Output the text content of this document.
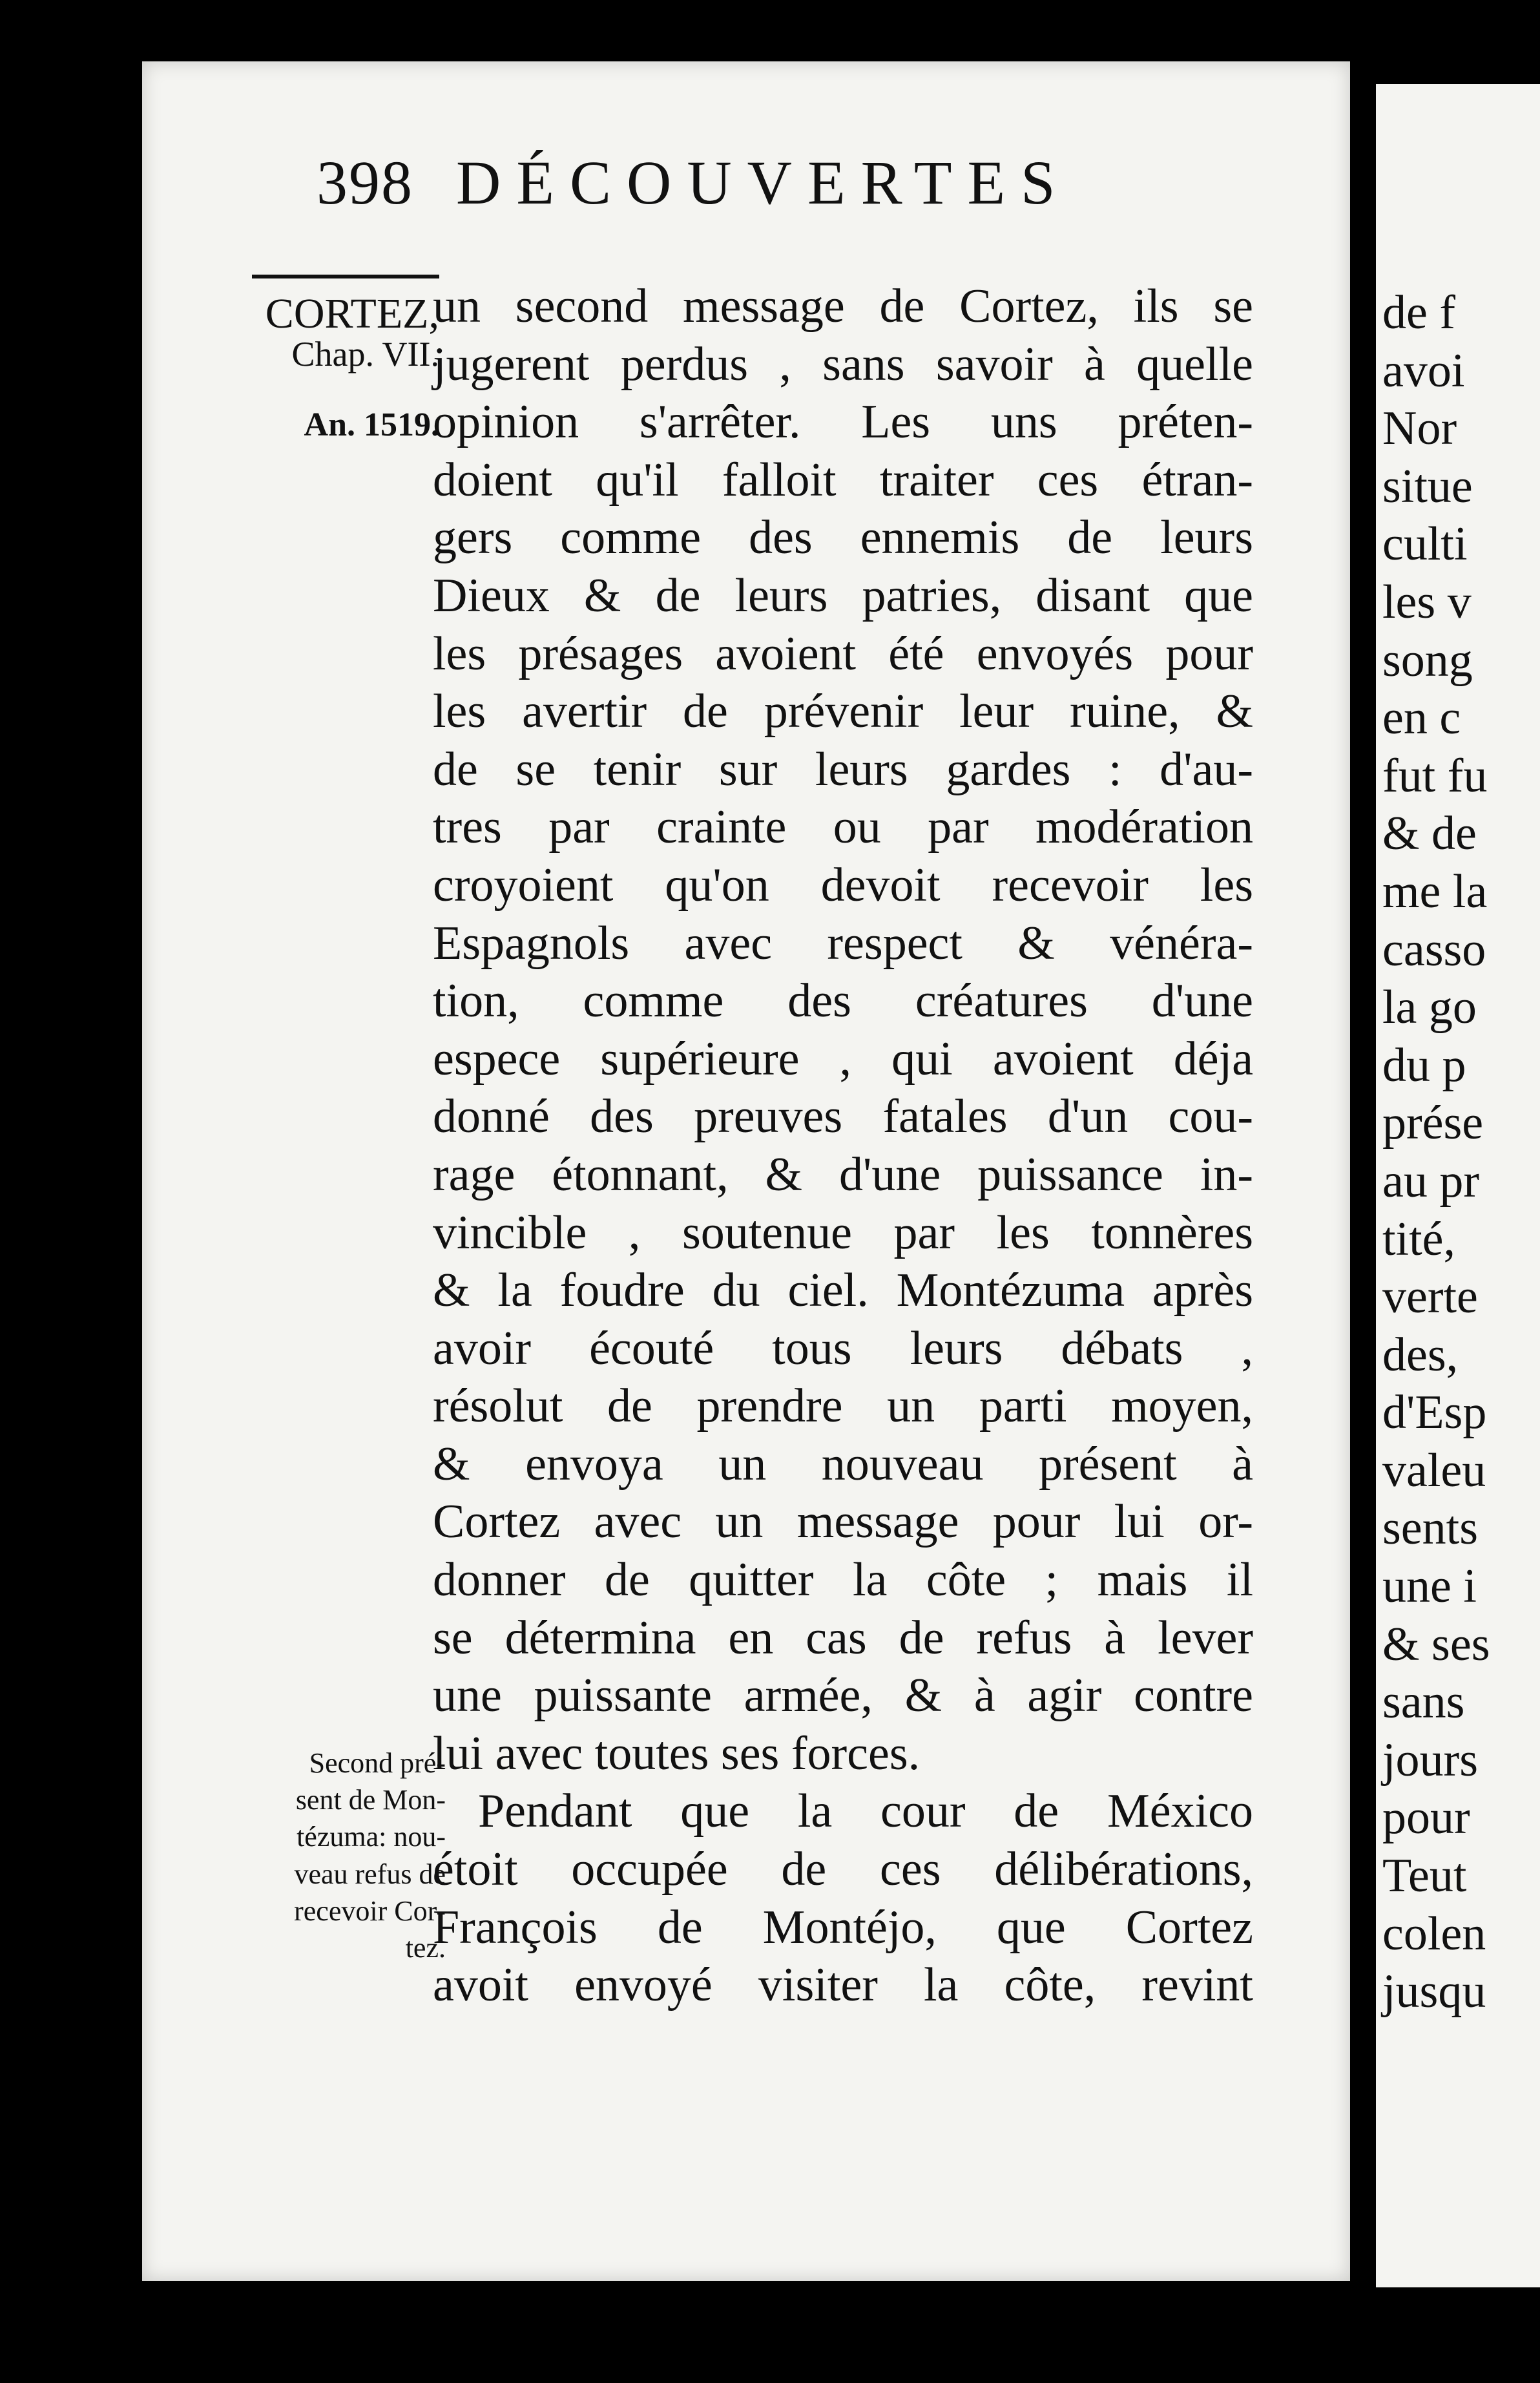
398 DÉCOUVERTES
CORTEZ,
Chap. VII.
An. 1519.
Second pré-
sent de Mon-
tézuma: nou-
veau refus de
recevoir Cor-
tez.
un second message de Cortez, ils se
jugerent perdus , sans savoir à quelle
opinion s'arrêter. Les uns préten-
doient qu'il falloit traiter ces étran-
gers comme des ennemis de leurs
Dieux & de leurs patries, disant que
les présages avoient été envoyés pour
les avertir de prévenir leur ruine, &
de se tenir sur leurs gardes : d'au-
tres par crainte ou par modération
croyoient qu'on devoit recevoir les
Espagnols avec respect & vénéra-
tion, comme des créatures d'une
espece supérieure , qui avoient déja
donné des preuves fatales d'un cou-
rage étonnant, & d'une puissance in-
vincible , soutenue par les tonnères
& la foudre du ciel. Montézuma après
avoir écouté tous leurs débats ,
résolut de prendre un parti moyen,
& envoya un nouveau présent à
Cortez avec un message pour lui or-
donner de quitter la côte ; mais il
se détermina en cas de refus à lever
une puissante armée, & à agir contre
lui avec toutes ses forces.
Pendant que la cour de México
étoit occupée de ces délibérations,
François de Montéjo, que Cortez
avoit envoyé visiter la côte, revint
de f
avoi
Nor
situe
culti
les v
song
en c
fut fu
& de
me la
casso
la go
du p
prése
au pr
tité,
verte
des,
d'Esp
valeu
sents
une i
& ses
sans
jours
pour
Teut
colen
jusqu
